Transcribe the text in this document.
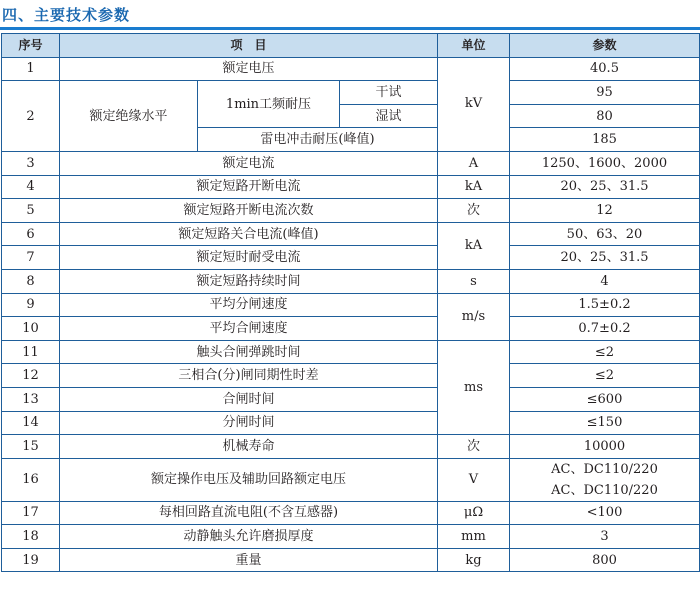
四、主要技术参数
序号	项　目			单位	参数
1	额定电压			kV	40.5
2	额定绝缘水平	1min工频耐压	干试		95
			湿试		80
		雷电冲击耐压(峰值)			185
3	额定电流			A	1250、1600、2000
4	额定短路开断电流			kA	20、25、31.5
5	额定短路开断电流次数			次	12
6	额定短路关合电流(峰值)			kA	50、63、20
7	额定短时耐受电流				20、25、31.5
8	额定短路持续时间			s	4
9	平均分闸速度			m/s	1.5±0.2
10	平均合闸速度				0.7±0.2
11	触头合闸弹跳时间			ms	≤2
12	三相合(分)闸同期性时差				≤2
13	合闸时间				≤600
14	分闸时间				≤150
15	机械寿命			次	10000
16	额定操作电压及辅助回路额定电压			V	AC、DC110/220
					AC、DC110/220
17	每相回路直流电阻(不含互感器)			μΩ	<100
18	动静触头允许磨损厚度			mm	3
19	重量			kg	800
